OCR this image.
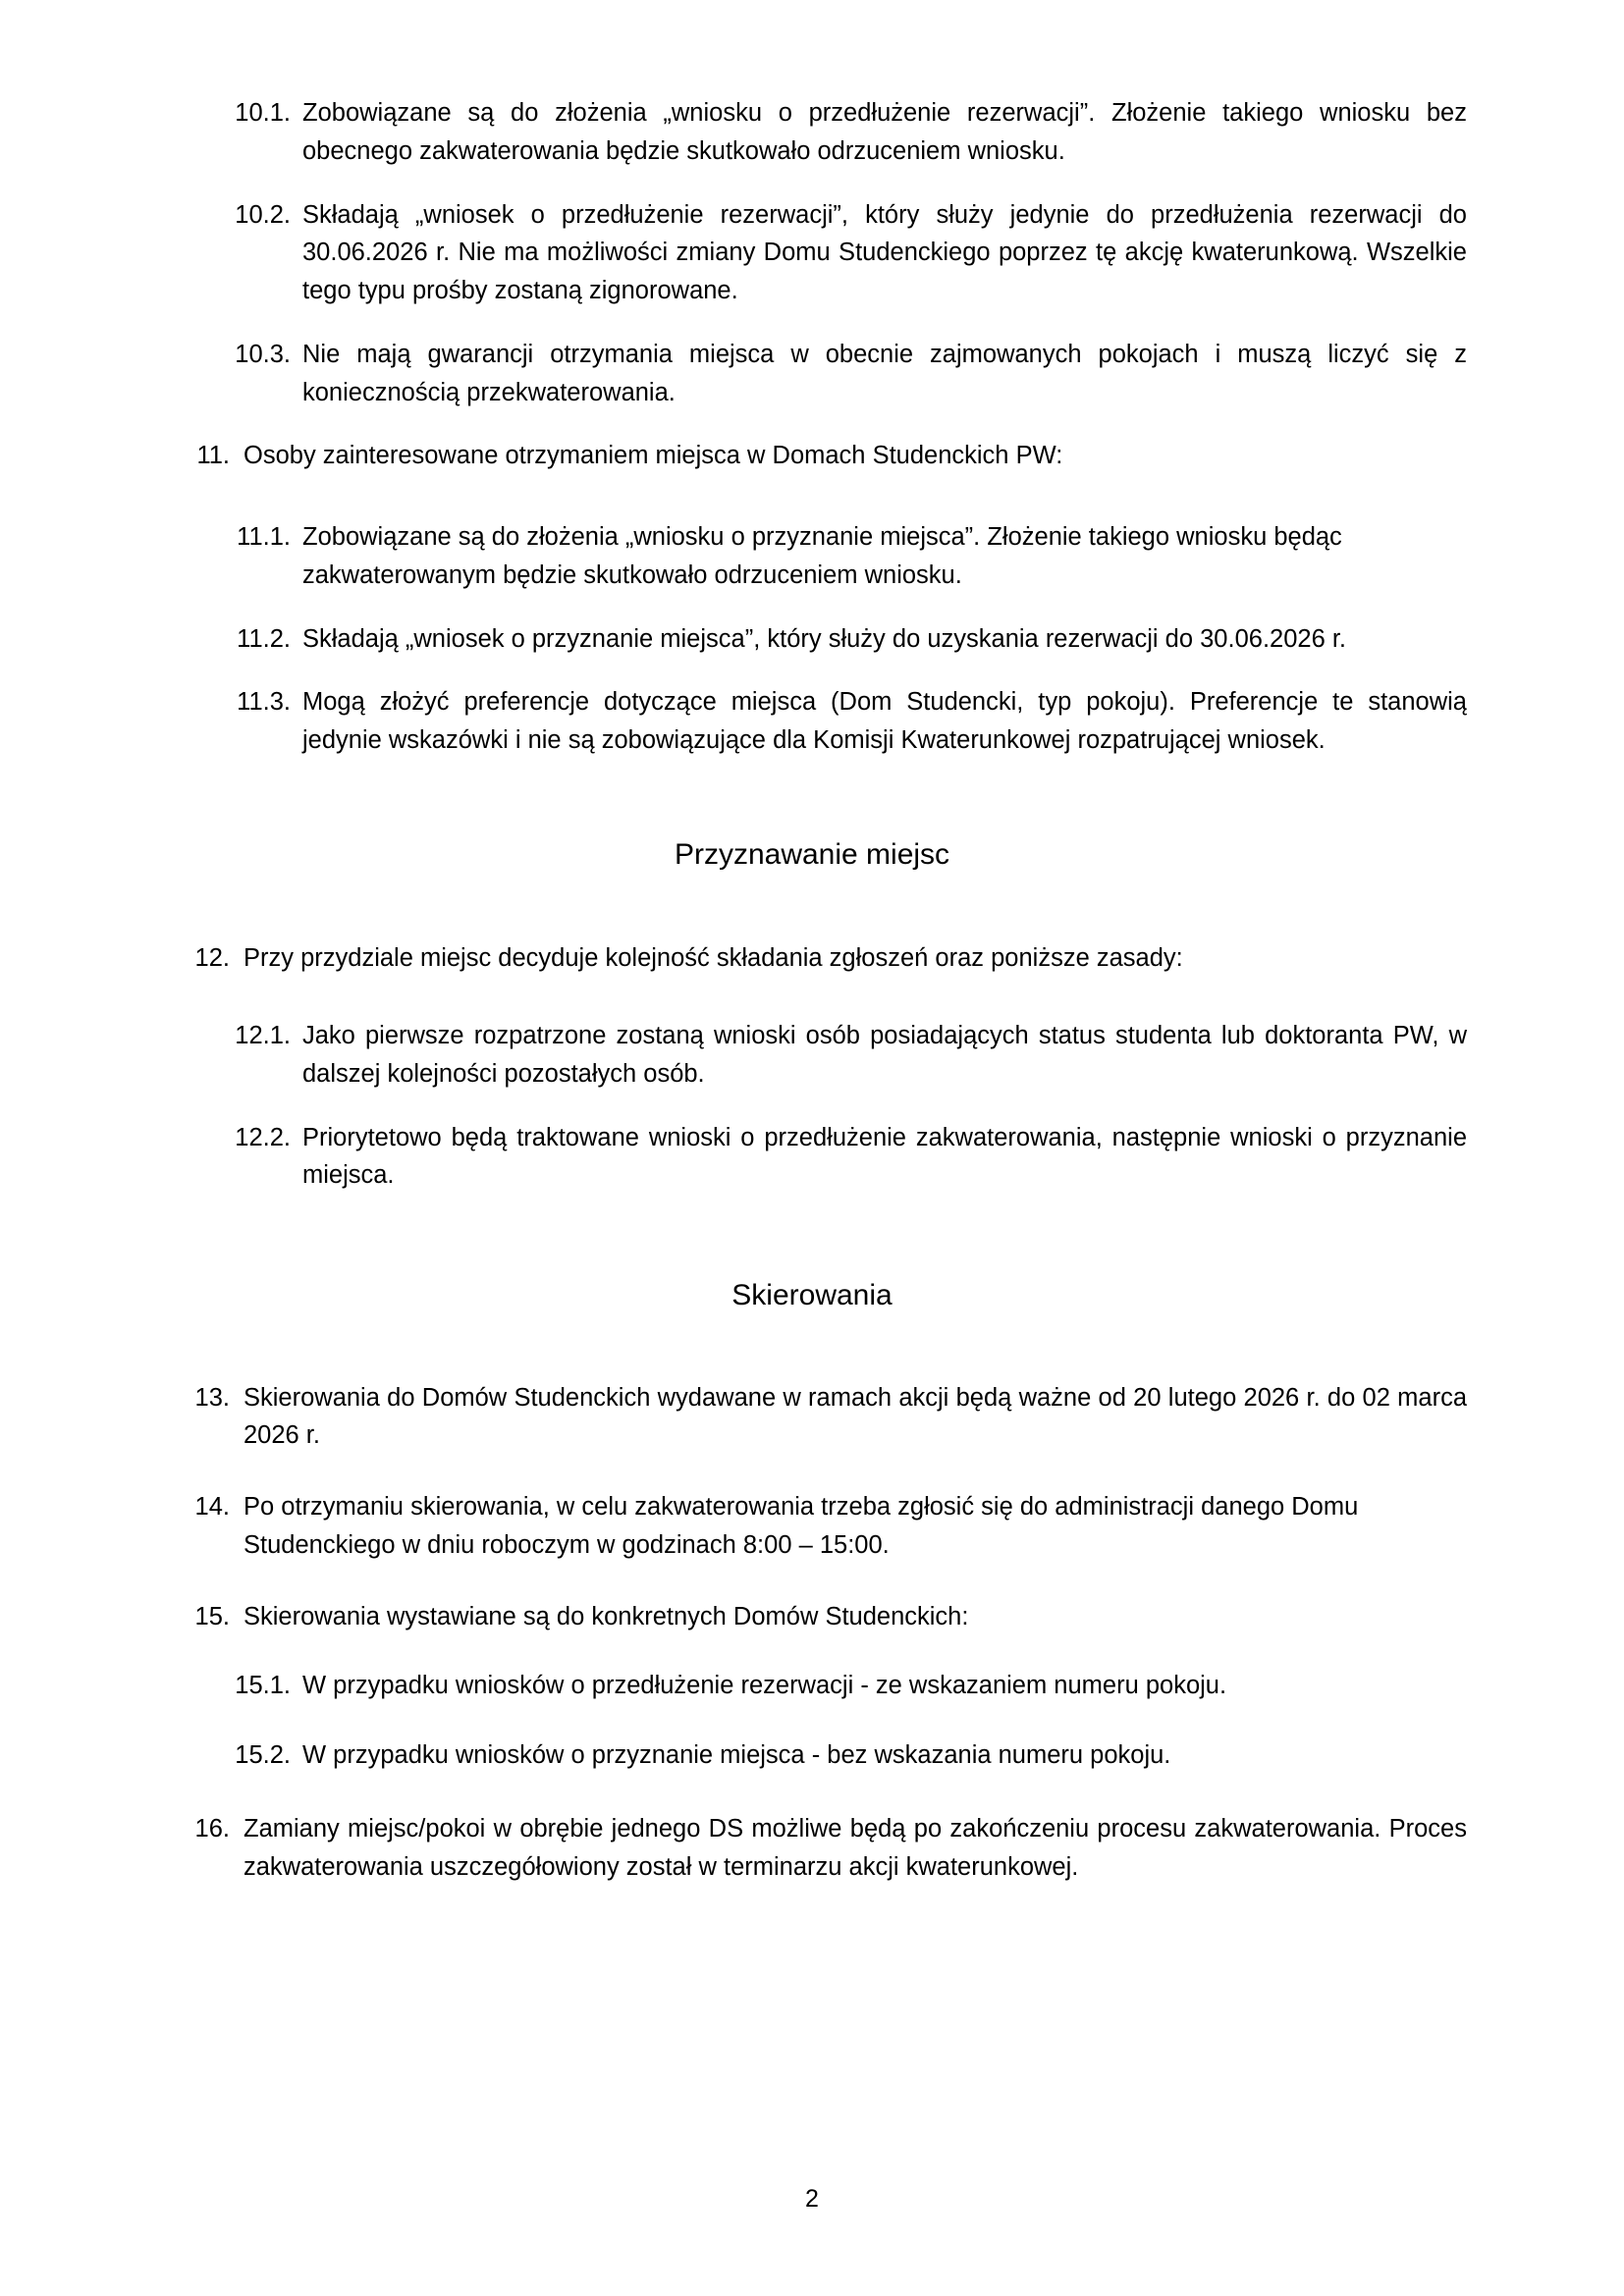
10.1. Zobowiązane są do złożenia „wniosku o przedłużenie rezerwacji”. Złożenie takiego wniosku bez obecnego zakwaterowania będzie skutkowało odrzuceniem wniosku.
10.2. Składają „wniosek o przedłużenie rezerwacji”, który służy jedynie do przedłużenia rezerwacji do 30.06.2026 r. Nie ma możliwości zmiany Domu Studenckiego poprzez tę akcję kwaterunkową. Wszelkie tego typu prośby zostaną zignorowane.
10.3. Nie mają gwarancji otrzymania miejsca w obecnie zajmowanych pokojach i muszą liczyć się z koniecznością przekwaterowania.
11. Osoby zainteresowane otrzymaniem miejsca w Domach Studenckich PW:
11.1. Zobowiązane są do złożenia „wniosku o przyznanie miejsca”. Złożenie takiego wniosku będąc zakwaterowanym będzie skutkowało odrzuceniem wniosku.
11.2. Składają „wniosek o przyznanie miejsca”, który służy do uzyskania rezerwacji do 30.06.2026 r.
11.3. Mogą złożyć preferencje dotyczące miejsca (Dom Studencki, typ pokoju). Preferencje te stanowią jedynie wskazówki i nie są zobowiązujące dla Komisji Kwaterunkowej rozpatrującej wniosek.
Przyznawanie miejsc
12. Przy przydziale miejsc decyduje kolejność składania zgłoszeń oraz poniższe zasady:
12.1. Jako pierwsze rozpatrzone zostaną wnioski osób posiadających status studenta lub doktoranta PW, w dalszej kolejności pozostałych osób.
12.2. Priorytetowo będą traktowane wnioski o przedłużenie zakwaterowania, następnie wnioski o przyznanie miejsca.
Skierowania
13. Skierowania do Domów Studenckich wydawane w ramach akcji będą ważne od 20 lutego 2026 r. do 02 marca 2026 r.
14. Po otrzymaniu skierowania, w celu zakwaterowania trzeba zgłosić się do administracji danego Domu Studenckiego w dniu roboczym w godzinach 8:00 – 15:00.
15. Skierowania wystawiane są do konkretnych Domów Studenckich:
15.1. W przypadku wniosków o przedłużenie rezerwacji - ze wskazaniem numeru pokoju.
15.2. W przypadku wniosków o przyznanie miejsca - bez wskazania numeru pokoju.
16. Zamiany miejsc/pokoi w obrębie jednego DS możliwe będą po zakończeniu procesu zakwaterowania. Proces zakwaterowania uszczegółowiony został w terminarzu akcji kwaterunkowej.
2
